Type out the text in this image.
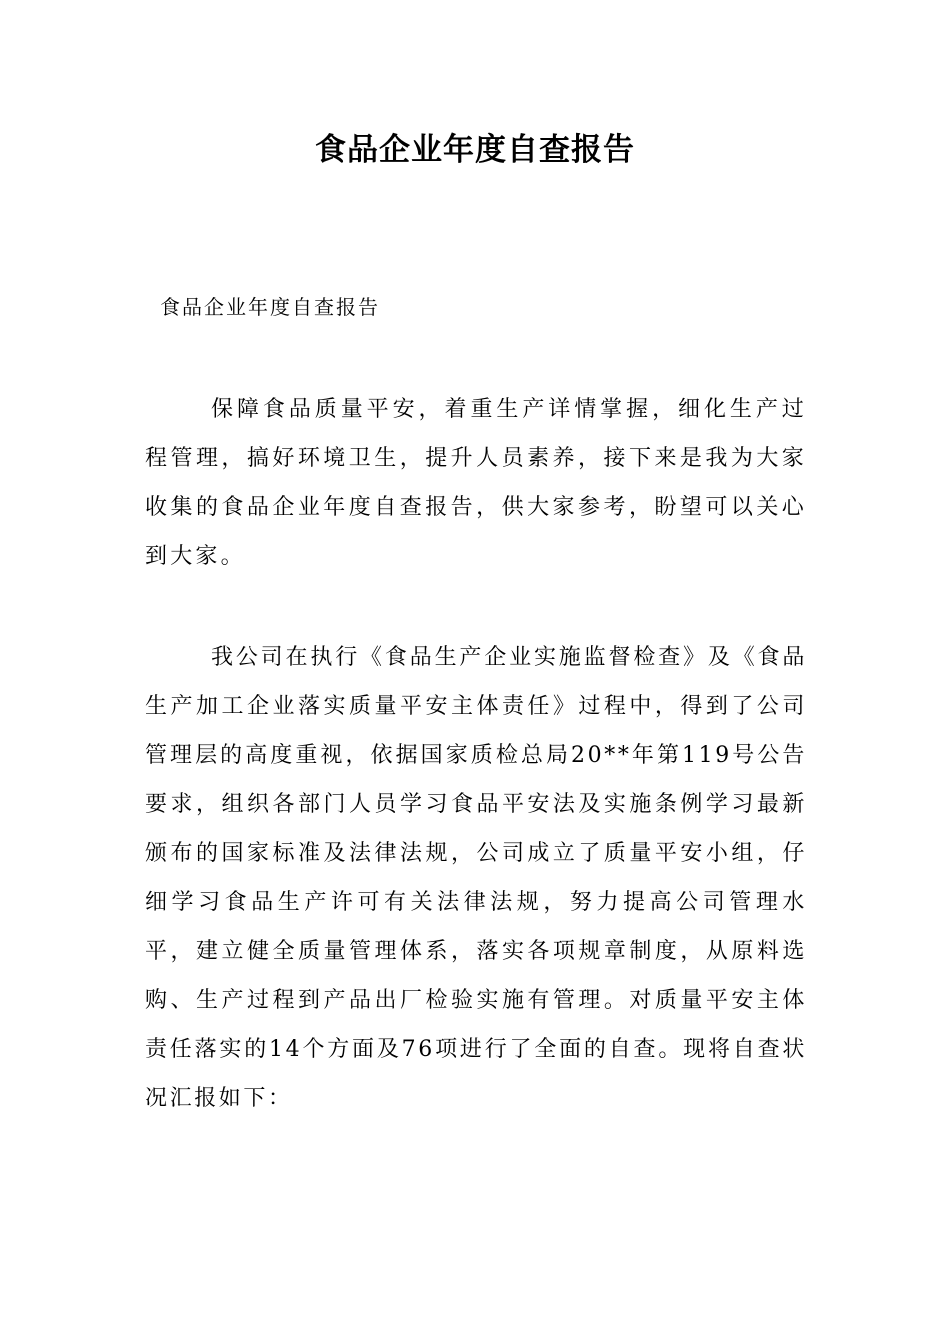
食品企业年度自查报告

食品企业年度自查报告

保障食品质量平安，着重生产详情掌握，细化生产过程管理，搞好环境卫生，提升人员素养，接下来是我为大家收集的食品企业年度自查报告，供大家参考，盼望可以关心到大家。

我公司在执行《食品生产企业实施监督检查》及《食品生产加工企业落实质量平安主体责任》过程中，得到了公司管理层的高度重视，依据国家质检总局20**年第119号公告要求，组织各部门人员学习食品平安法及实施条例学习最新颁布的国家标准及法律法规，公司成立了质量平安小组，仔细学习食品生产许可有关法律法规，努力提高公司管理水平，建立健全质量管理体系，落实各项规章制度，从原料选购、生产过程到产品出厂检验实施有管理。对质量平安主体责任落实的14个方面及76项进行了全面的自查。现将自查状况汇报如下：
